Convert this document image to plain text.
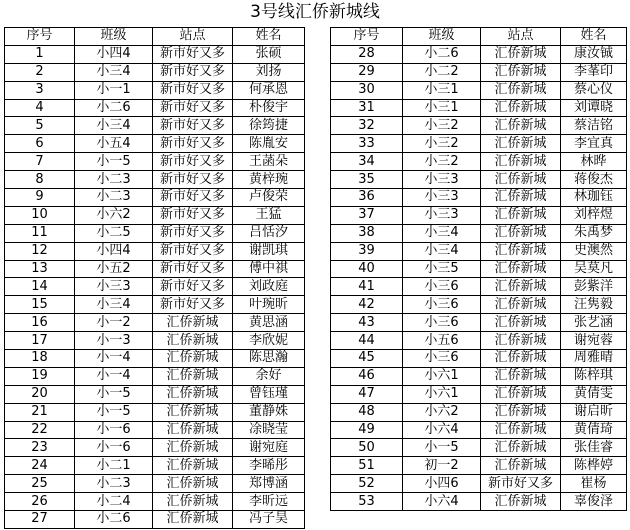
3号线汇侨新城线
序号	班级	站点	姓名
1	小四4	新市好又多	张硕
2	小三4	新市好又多	刘扬
3	小一1	新市好又多	何承恩
4	小二6	新市好又多	朴俊宇
5	小三4	新市好又多	徐筠捷
6	小五4	新市好又多	陈胤安
7	小一5	新市好又多	王菡朵
8	小二3	新市好又多	黄梓琬
9	小二3	新市好又多	卢俊荣
10	小六2	新市好又多	王猛
11	小二5	新市好又多	吕恬汐
12	小四4	新市好又多	谢凯琪
13	小五2	新市好又多	傅中祺
14	小三3	新市好又多	刘政庭
15	小三4	新市好又多	叶琬昕
16	小一2	汇侨新城	黄思涵
17	小一3	汇侨新城	李欣妮
18	小一4	汇侨新城	陈思瀚
19	小一4	汇侨新城	余好
20	小一5	汇侨新城	曾钰瑾
21	小一5	汇侨新城	董静姝
22	小一6	汇侨新城	凃晓莹
23	小一6	汇侨新城	谢宛庭
24	小二1	汇侨新城	李晞彤
25	小二3	汇侨新城	郑博涵
26	小二4	汇侨新城	李昕远
27	小二6	汇侨新城	冯子昊
序号	班级	站点	姓名
28	小二6	汇侨新城	康汝铖
29	小二2	汇侨新城	李莑印
30	小三1	汇侨新城	蔡心仪
31	小三1	汇侨新城	刘谭晓
32	小三2	汇侨新城	蔡洁铭
33	小三2	汇侨新城	李宜真
34	小三2	汇侨新城	林晔
35	小三3	汇侨新城	蒋俊杰
36	小三3	汇侨新城	林珈钰
37	小三3	汇侨新城	刘梓煜
38	小三4	汇侨新城	朱禹梦
39	小三4	汇侨新城	史澳然
40	小三5	汇侨新城	吴莫凡
41	小三6	汇侨新城	彭紫洋
42	小三6	汇侨新城	汪隽毅
43	小三6	汇侨新城	张艺涵
44	小五6	汇侨新城	谢宛蓉
45	小三6	汇侨新城	周雅晴
46	小六1	汇侨新城	陈梓琪
47	小六1	汇侨新城	黄倩雯
48	小六2	汇侨新城	谢启昕
49	小六4	汇侨新城	黄倩琦
50	小一5	汇侨新城	张佳睿
51	初一2	汇侨新城	陈桦婷
52	小四6	新市好又多	崔杨
53	小六4	汇侨新城	辜俊泽
